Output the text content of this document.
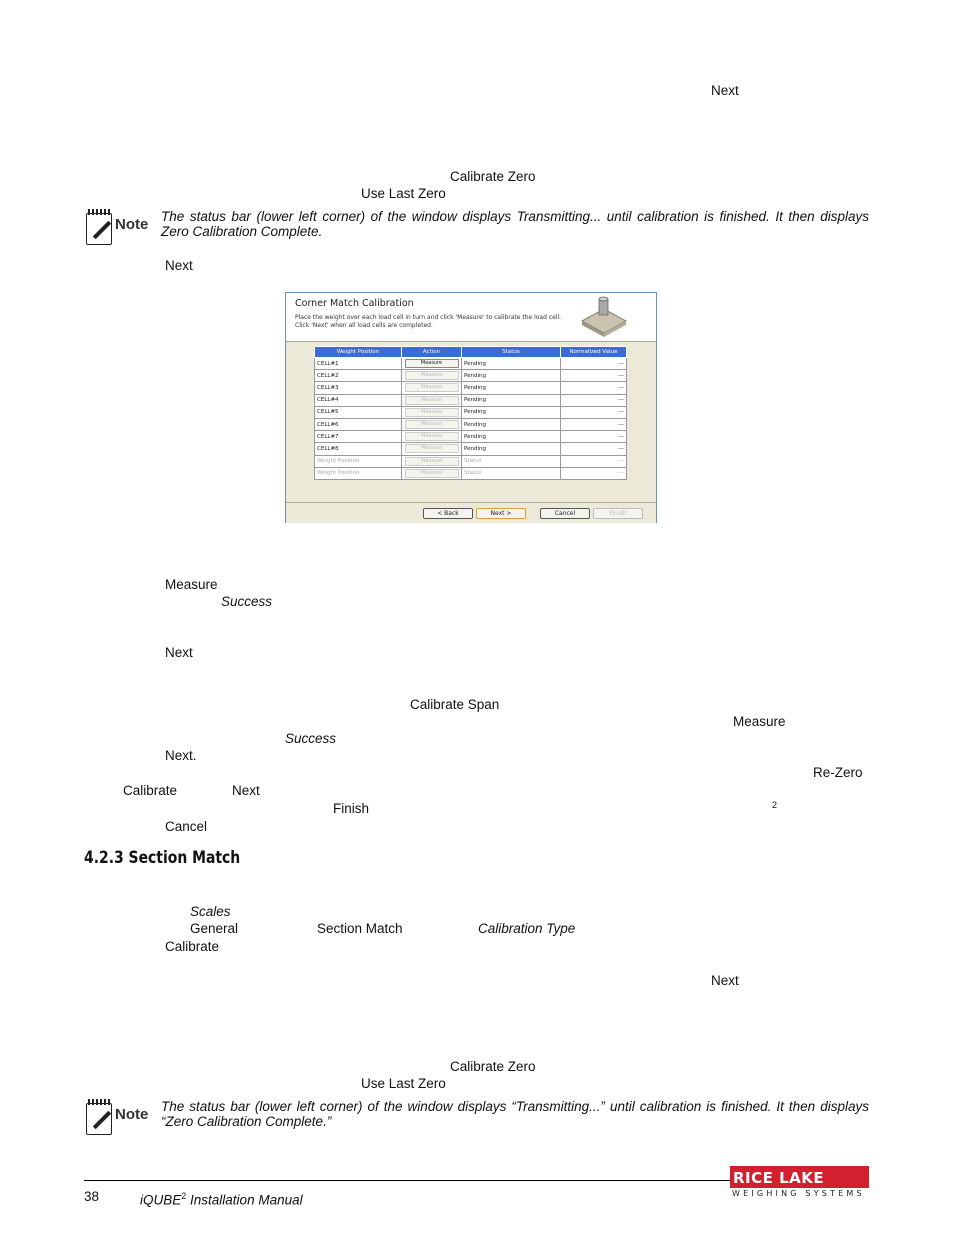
Next
Calibrate Zero
Use Last Zero
Note The status bar (lower left corner) of the window displays Transmitting... until calibration is finished. It then displays Zero Calibration Complete.
Next
Corner Match Calibration
Place the weight over each load cell in turn and click 'Measure' to calibrate the load cell. Click 'Next' when all load cells are completed.
Weight Position	Action	Status	Normalized Value
CELL#1	Measure	Pending	---
CELL#2	Measure	Pending	---
CELL#3	Measure	Pending	---
CELL#4	Measure	Pending	---
CELL#5	Measure	Pending	---
CELL#6	Measure	Pending	---
CELL#7	Measure	Pending	---
CELL#8	Measure	Pending	---
Weight Position	Measure	Status	---
Weight Position	Measure	Status	---
< Back	Next >	Cancel	Finish
Measure
Success
Next
Calibrate Span
Measure
Success
Next.
Re-Zero
Calibrate	Next
Finish	2
Cancel
4.2.3 Section Match
Scales
General	Section Match	Calibration Type
Calibrate
Next
Calibrate Zero
Use Last Zero
Note The status bar (lower left corner) of the window displays “Transmitting...” until calibration is finished. It then displays “Zero Calibration Complete.”
38	iQUBE$^2$ Installation Manual
RICE LAKE
WEIGHING SYSTEMS
